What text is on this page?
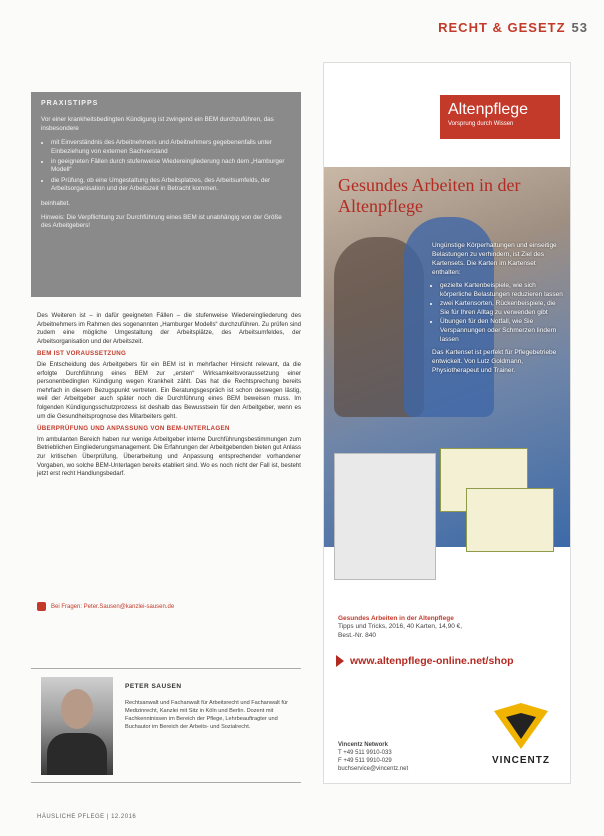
RECHT & GESETZ 53
PRAXISTIPPS

Vor einer krankheitsbedingten Kündigung ist zwingend ein BEM durchzuführen, das insbesondere

• mit Einverständnis des Arbeitnehmers und Arbeitnehmers gegebenenfalls unter Einbeziehung von externen Sachverstand
• in geeigneten Fällen durch stufenweise Wiedereingliederung nach dem „Hamburger Modell“
• die Prüfung, ob eine Umgestaltung des Arbeitsplatzes, des Arbeitsumfelds, der Arbeitsorganisation und der Arbeitszeit in Betracht kommen.

beinhaltet.

Hinweis: Die Verpflichtung zur Durchführung eines BEM ist unabhängig von der Größe des Arbeitgebers!

Des Weiteren ist – in dafür geeigneten Fällen – die stufenweise Wiedereingliederung des Arbeitnehmers im Rahmen des sogenannten „Hamburger Modells“ durchzuführen. Zu prüfen sind zudem eine mögliche Umgestaltung der Arbeitsplätze, des Arbeitsumfeldes, der Arbeitsorganisation und der Arbeitszeit.

BEM IST VORAUSSETZUNG

Die Entscheidung des Arbeitgebers für ein BEM ist in mehrfacher Hinsicht relevant, da die erfolgte Durchführung eines BEM zur „ersten“ Wirksamkeitsvoraussetzung einer personenbedingten Kündigung wegen Krankheit zählt. Das hat die Rechtsprechung bereits mehrfach in diesem Bezugspunkt vertreten. Ein Beratungsgespräch ist schon deswegen lästig, weil der Arbeitgeber auch später noch die Durchführung eines BEM beweisen muss. Im folgenden Kündigungsschutzprozess ist deshalb das Bewusstsein für den Arbeitgeber, wenn es um die Gesundheitsprognose des Mitarbeiters geht.

ÜBERPRÜFUNG UND ANPASSUNG VON BEM-UNTERLAGEN

Im ambulanten Bereich haben nur wenige Arbeitgeber interne Durchführungsbestimmungen zum Betrieblichen Eingliederungsmanagement. Die Erfahrungen der Arbeitgebenden bieten gut Anlass zur kritischen Überprüfung, Überarbeitung und Anpassung entsprechender vorhandener Vorgaben, wo solche BEM-Unterlagen bereits etabliert sind. Wo es noch nicht der Fall ist, besteht jetzt erst recht Handlungsbedarf.

Bei Fragen: Peter.Sausen@kanzlei-sausen.de
PETER SAUSEN
Rechtsanwalt und Fachanwalt für Arbeitsrecht und Fachanwalt für Medizinrecht, Kanzlei mit Sitz in Köln und Berlin. Dozent mit Fachkenntnissen im Bereich der Pflege, Lehrbeauftragter und Buchautor im Bereich der Arbeits- und Sozialrecht.
HÄUSLICHE PFLEGE | 12.2016
Altenpflege
Vorsprung durch Wissen
Gesundes Arbeiten in der Altenpflege
Ungünstige Körperhaltungen und einseitige Belastungen zu verhindern, ist Ziel des Kartensets. Die Karten im Kartenset enthalten:
• gezielte Kartenbeispiele, wie sich körperliche Belastungen reduzieren lassen
• zwei Kartensorten, Rückenbeispiele, die Sie für Ihren Alltag zu verwenden gibt
• Übungen für den Notfall, wie Sie Verspannungen oder Schmerzen lindern lassen
Das Kartenset ist perfekt für Pflegebetriebe entwickelt. Von Lutz Goldmann, Physiotherapeut und Trainer.
Gesundes Arbeiten in der Altenpflege
Tipps und Tricks, 2016, 40 Karten, 14,90 €, Best.-Nr. 840
www.altenpflege-online.net/shop
Vincentz Network
T +49 511 9910-033
F +49 511 9910-029
buchservice@vincentz.net
VINCENTZ
